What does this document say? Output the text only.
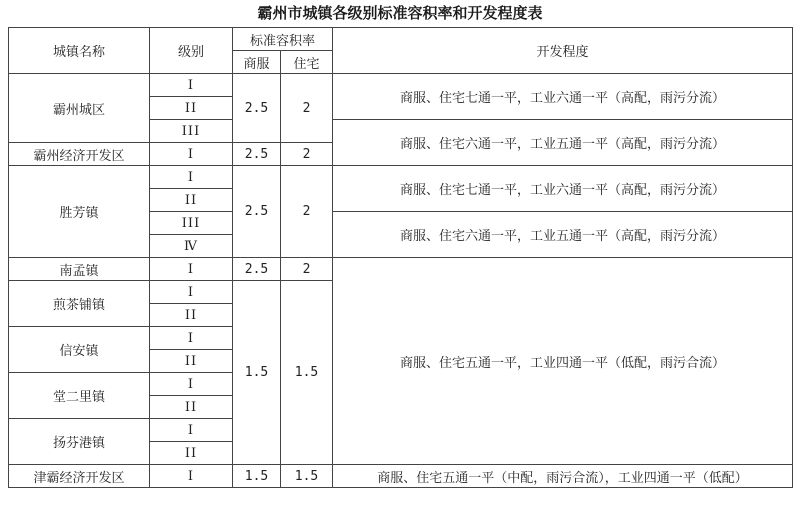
霸州市城镇各级别标准容积率和开发程度表
城镇名称	级别	标准容积率		开发程度
		商服	住宅	
霸州城区	I	2.5	2	商服、住宅七通一平，工业六通一平（高配，雨污分流）
	II			
	III			商服、住宅六通一平，工业五通一平（高配，雨污分流）
霸州经济开发区	I	2.5	2	
胜芳镇	I	2.5	2	商服、住宅七通一平，工业六通一平（高配，雨污分流）
	II			
	III			商服、住宅六通一平，工业五通一平（高配，雨污分流）
	Ⅳ			
南孟镇	I	2.5	2	商服、住宅五通一平，工业四通一平（低配，雨污合流）
煎茶铺镇	I	1.5	1.5	
	II			
信安镇	I			
	II			
堂二里镇	I			
	II			
扬芬港镇	I			
	II			
津霸经济开发区	I	1.5	1.5	商服、住宅五通一平（中配，雨污合流），工业四通一平（低配）
